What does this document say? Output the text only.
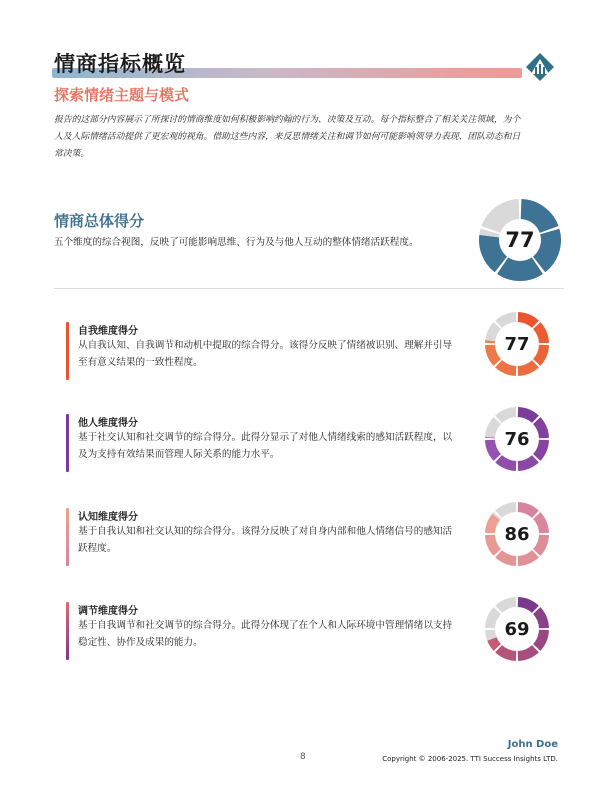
情商指标概览
探索情绪主题与模式
报告的这部分内容展示了所探讨的情商维度如何积极影响约翰的行为、决策及互动。每个指标整合了相关关注领域，为个人及人际情绪活动提供了更宏观的视角。借助这些内容，来反思情绪关注和调节如何可能影响领导力表现、团队动态和日常决策。
情商总体得分
五个维度的综合视图，反映了可能影响思维、行为及与他人互动的整体情绪活跃程度。	77
自我维度得分
从自我认知、自我调节和动机中提取的综合得分。该得分反映了情绪被识别、理解并引导至有意义结果的一致性程度。
77
他人维度得分
基于社交认知和社交调节的综合得分。此得分显示了对他人情绪线索的感知活跃程度，以及为支持有效结果而管理人际关系的能力水平。
76
认知维度得分
基于自我认知和社交认知的综合得分。该得分反映了对自身内部和他人情绪信号的感知活跃程度。
86
调节维度得分
基于自我调节和社交调节的综合得分。此得分体现了在个人和人际环境中管理情绪以支持稳定性、协作及成果的能力。
69
8
John Doe
Copyright © 2006-2025. TTI Success Insights LTD.
